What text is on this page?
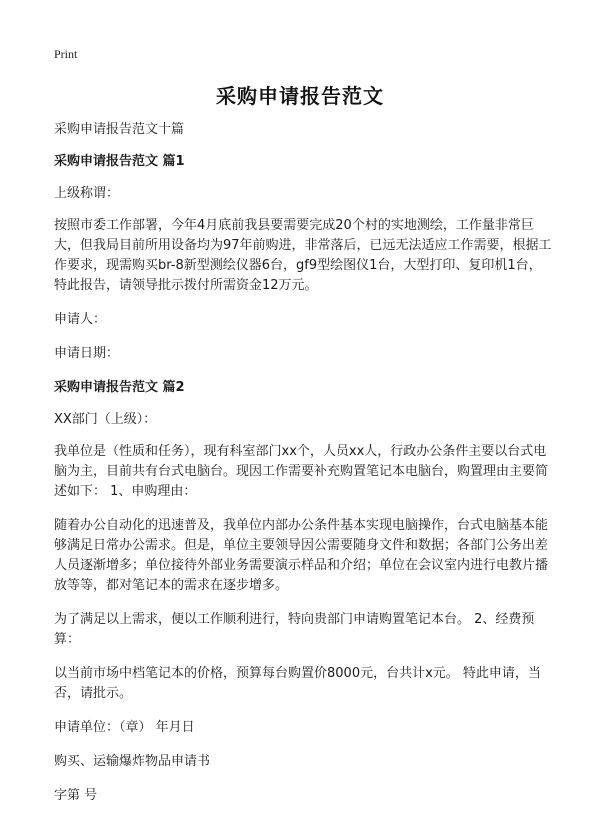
Print
采购申请报告范文

采购申请报告范文十篇

采购申请报告范文 篇1

上级称谓：

按照市委工作部署，今年4月底前我县要需要完成20个村的实地测绘，工作量非常巨大，但我局目前所用设备均为97年前购进，非常落后，已远无法适应工作需要，根据工作要求，现需购买br-8新型测绘仪器6台，gf9型绘图仪1台，大型打印、复印机1台，特此报告，请领导批示拨付所需资金12万元。

申请人：

申请日期：

采购申请报告范文 篇2

XX部门（上级）：

我单位是（性质和任务），现有科室部门xx个，人员xx人，行政办公条件主要以台式电脑为主，目前共有台式电脑台。现因工作需要补充购置笔记本电脑台，购置理由主要简述如下： 1、申购理由：

随着办公自动化的迅速普及，我单位内部办公条件基本实现电脑操作，台式电脑基本能够满足日常办公需求。但是，单位主要领导因公需要随身文件和数据；各部门公务出差人员逐渐增多；单位接待外部业务需要演示样品和介绍；单位在会议室内进行电教片播放等等，都对笔记本的需求在逐步增多。

为了满足以上需求，便以工作顺利进行，特向贵部门申请购置笔记本台。 2、经费预算：

以当前市场中档笔记本的价格，预算每台购置价8000元，台共计x元。 特此申请，当否，请批示。

申请单位：（章） 年月日

购买、运输爆炸物品申请书

字第 号
